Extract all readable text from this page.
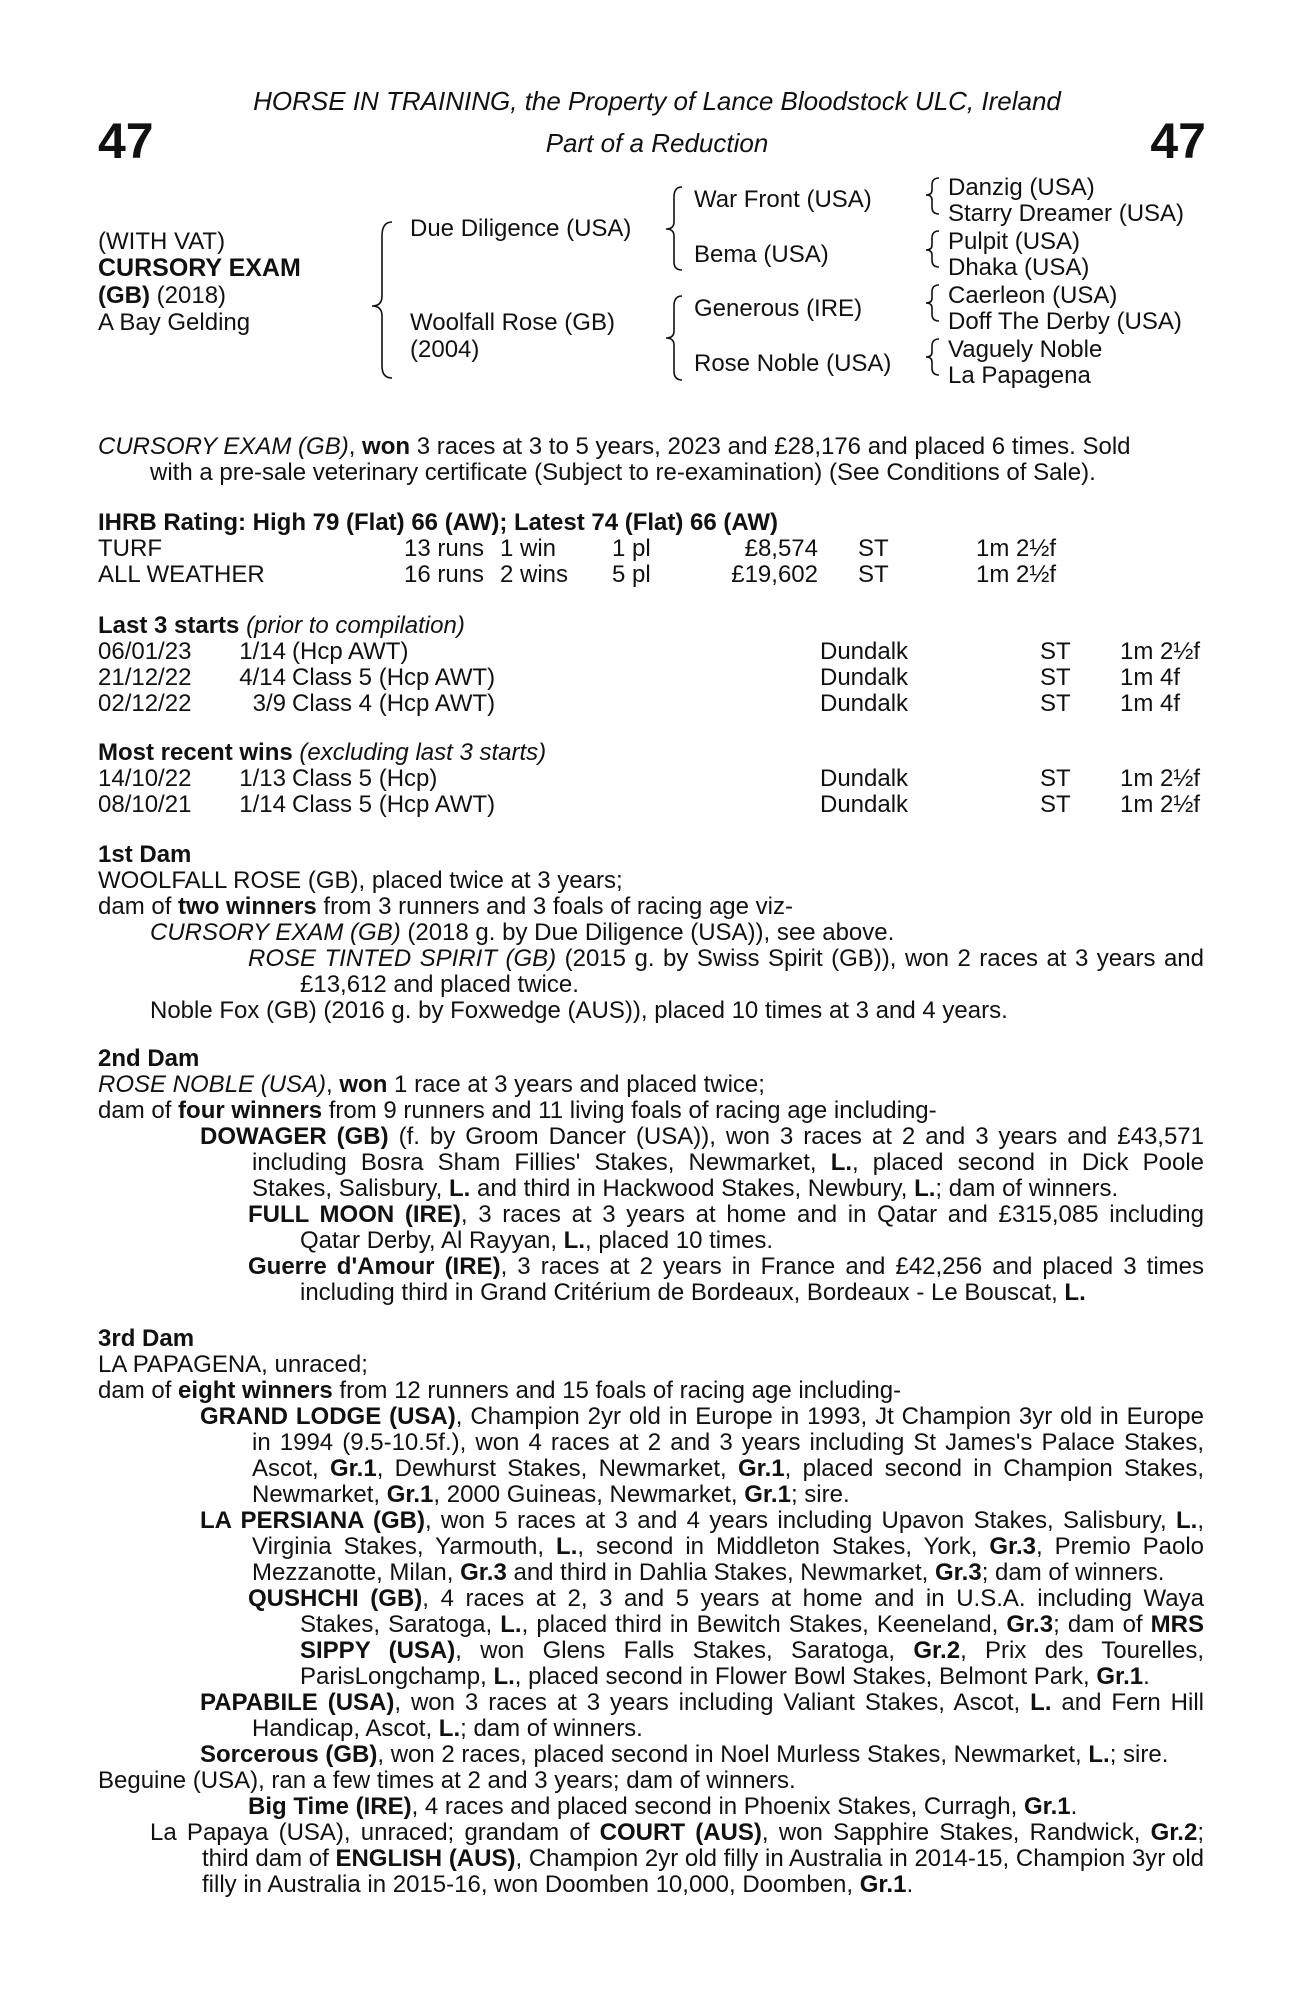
47	47
HORSE IN TRAINING, the Property of Lance Bloodstock ULC, Ireland
Part of a Reduction
(WITH VAT)
CURSORY EXAM
(GB) (2018)
A Bay Gelding
Due Diligence (USA)
Woolfall Rose (GB)
(2004)
War Front (USA)
Bema (USA)
Generous (IRE)
Rose Noble (USA)
Danzig (USA)
Starry Dreamer (USA)
Pulpit (USA)
Dhaka (USA)
Caerleon (USA)
Doff The Derby (USA)
Vaguely Noble
La Papagena

CURSORY EXAM (GB), won 3 races at 3 to 5 years, 2023 and £28,176 and placed 6 times. Sold

with a pre-sale veterinary certificate (Subject to re-examination) (See Conditions of Sale).

IHRB Rating: High 79 (Flat) 66 (AW); Latest 74 (Flat) 66 (AW)
TURF	13 runs 1 win 1 pl	£8,574 ST	1m 2½f
ALL WEATHER	16 runs 2 wins 5 pl	£19,602 ST	1m 2½f
Last 3 starts (prior to compilation)
06/01/23	1/14 (Hcp AWT)	Dundalk	ST 1m 2½f
21/12/22	4/14 Class 5 (Hcp AWT)	Dundalk	ST 1m 4f
02/12/22	3/9 Class 4 (Hcp AWT)	Dundalk	ST 1m 4f
Most recent wins (excluding last 3 starts)
14/10/22	1/13 Class 5 (Hcp)	Dundalk	ST 1m 2½f
08/10/21	1/14 Class 5 (Hcp AWT)	Dundalk	ST 1m 2½f
1st Dam

WOOLFALL ROSE (GB), placed twice at 3 years;

dam of two winners from 3 runners and 3 foals of racing age viz-

CURSORY EXAM (GB) (2018 g. by Due Diligence (USA)), see above.

ROSE TINTED SPIRIT (GB) (2015 g. by Swiss Spirit (GB)), won 2 races at 3 years and £13,612 and placed twice.

Noble Fox (GB) (2016 g. by Foxwedge (AUS)), placed 10 times at 3 and 4 years.

2nd Dam

ROSE NOBLE (USA), won 1 race at 3 years and placed twice;

dam of four winners from 9 runners and 11 living foals of racing age including-

DOWAGER (GB) (f. by Groom Dancer (USA)), won 3 races at 2 and 3 years and £43,571 including Bosra Sham Fillies' Stakes, Newmarket, L., placed second in Dick Poole Stakes, Salisbury, L. and third in Hackwood Stakes, Newbury, L.; dam of winners.

FULL MOON (IRE), 3 races at 3 years at home and in Qatar and £315,085 including Qatar Derby, Al Rayyan, L., placed 10 times.

Guerre d'Amour (IRE), 3 races at 2 years in France and £42,256 and placed 3 times including third in Grand Critérium de Bordeaux, Bordeaux - Le Bouscat, L.

3rd Dam

LA PAPAGENA, unraced;

dam of eight winners from 12 runners and 15 foals of racing age including-

GRAND LODGE (USA), Champion 2yr old in Europe in 1993, Jt Champion 3yr old in Europe in 1994 (9.5-10.5f.), won 4 races at 2 and 3 years including St James's Palace Stakes, Ascot, Gr.1, Dewhurst Stakes, Newmarket, Gr.1, placed second in Champion Stakes, Newmarket, Gr.1, 2000 Guineas, Newmarket, Gr.1; sire.

LA PERSIANA (GB), won 5 races at 3 and 4 years including Upavon Stakes, Salisbury, L., Virginia Stakes, Yarmouth, L., second in Middleton Stakes, York, Gr.3, Premio Paolo Mezzanotte, Milan, Gr.3 and third in Dahlia Stakes, Newmarket, Gr.3; dam of winners.

QUSHCHI (GB), 4 races at 2, 3 and 5 years at home and in U.S.A. including Waya Stakes, Saratoga, L., placed third in Bewitch Stakes, Keeneland, Gr.3; dam of MRS SIPPY (USA), won Glens Falls Stakes, Saratoga, Gr.2, Prix des Tourelles, ParisLongchamp, L., placed second in Flower Bowl Stakes, Belmont Park, Gr.1.

PAPABILE (USA), won 3 races at 3 years including Valiant Stakes, Ascot, L. and Fern Hill Handicap, Ascot, L.; dam of winners.

Sorcerous (GB), won 2 races, placed second in Noel Murless Stakes, Newmarket, L.; sire.

Beguine (USA), ran a few times at 2 and 3 years; dam of winners.

Big Time (IRE), 4 races and placed second in Phoenix Stakes, Curragh, Gr.1.

La Papaya (USA), unraced; grandam of COURT (AUS), won Sapphire Stakes, Randwick, Gr.2; third dam of ENGLISH (AUS), Champion 2yr old filly in Australia in 2014-15, Champion 3yr old filly in Australia in 2015-16, won Doomben 10,000, Doomben, Gr.1.
